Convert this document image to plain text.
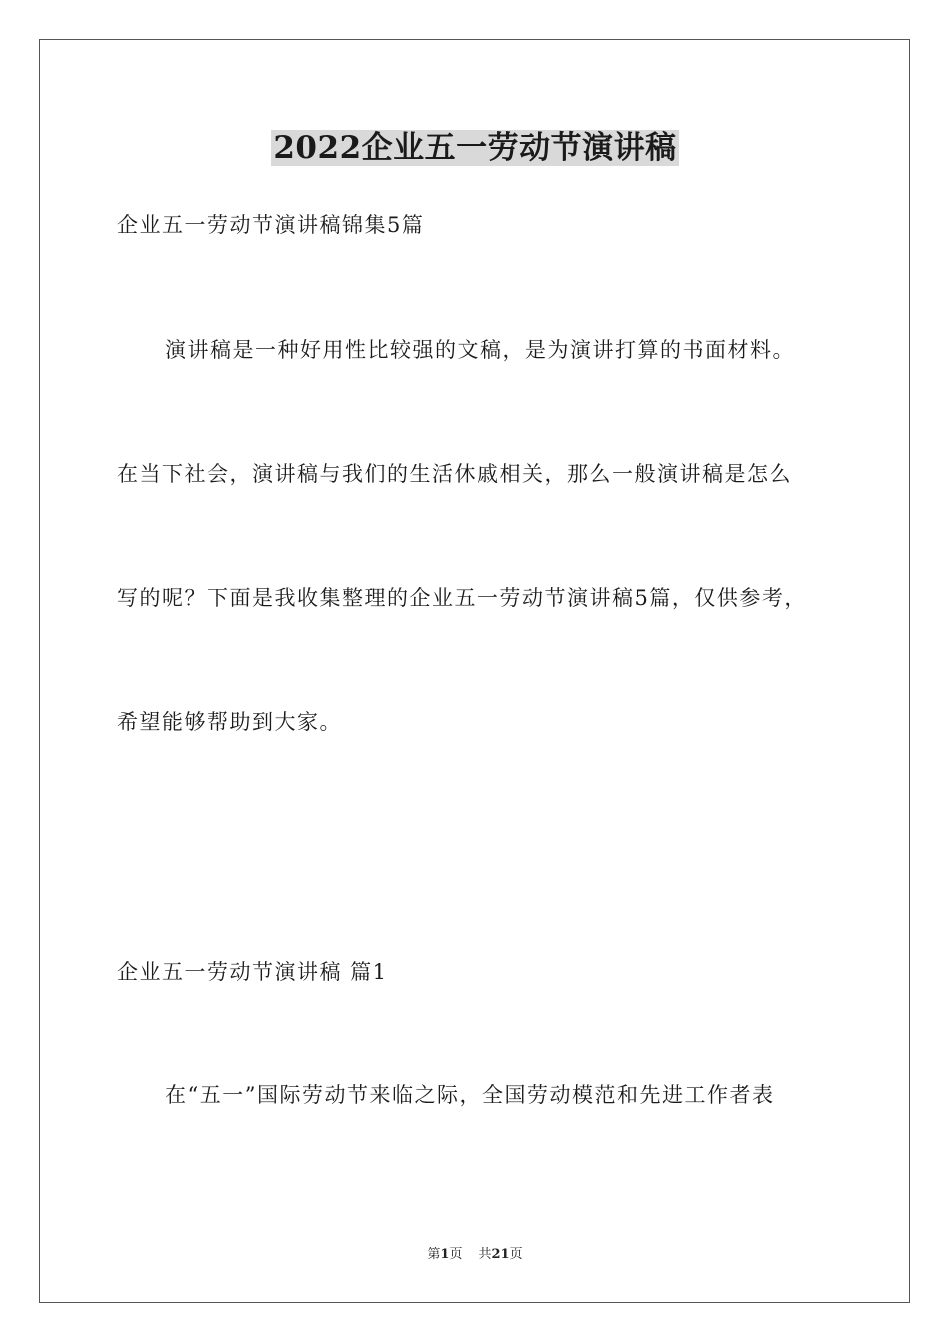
2022企业五一劳动节演讲稿
企业五一劳动节演讲稿锦集5篇
演讲稿是一种好用性比较强的文稿，是为演讲打算的书面材料。
在当下社会，演讲稿与我们的生活休戚相关，那么一般演讲稿是怎么
写的呢？下面是我收集整理的企业五一劳动节演讲稿5篇，仅供参考，
希望能够帮助到大家。
企业五一劳动节演讲稿 篇1
在“五一”国际劳动节来临之际，全国劳动模范和先进工作者表
第1页 共21页
